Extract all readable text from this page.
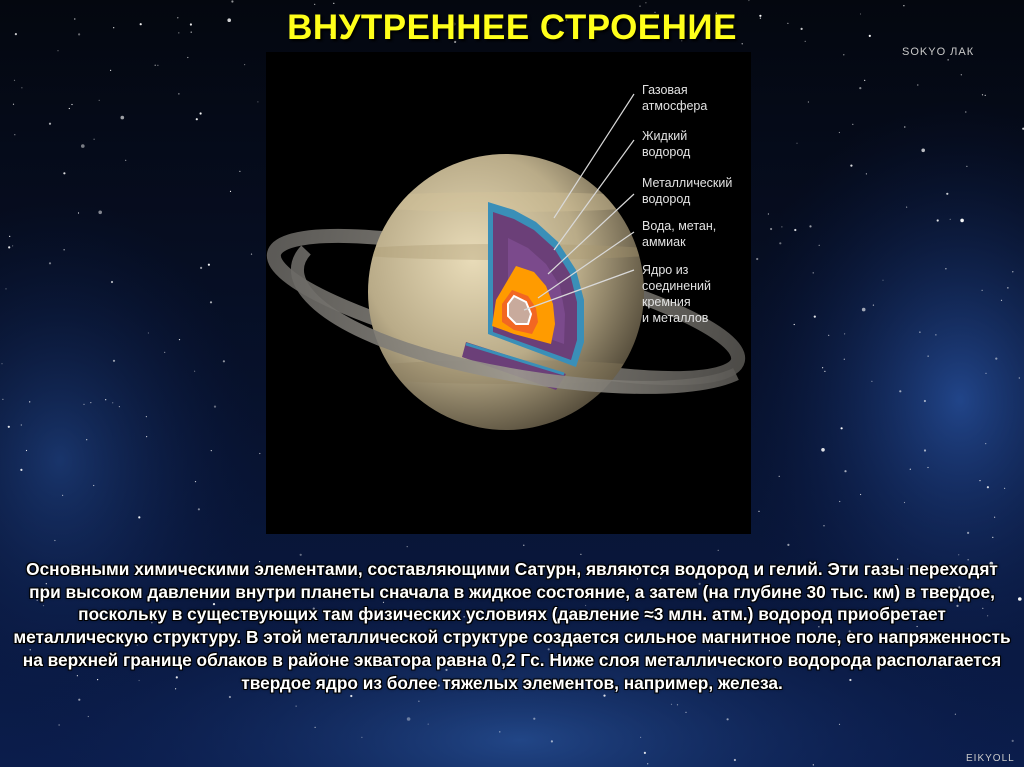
ВНУТРЕННЕЕ СТРОЕНИЕ
SOKYO ЛАК
Газовая
атмосфера
Жидкий
водород
Металлический
водород
Вода, метан,
аммиак
Ядро из
соединений
кремния
и металлов
Основными химическими элементами, составляющими Сатурн, являются водород и гелий. Эти газы переходят при высоком давлении внутри планеты сначала в жидкое состояние, а затем (на глубине 30 тыс. км) в твердое, поскольку в существующих там физических условиях (давление ≈3 млн. атм.) водород приобретает металлическую структуру. В этой металлической структуре создается сильное магнитное поле, его напряженность на верхней границе облаков в районе экватора равна 0,2 Гс. Ниже слоя металлического водорода располагается твердое ядро из более тяжелых элементов, например, железа.
EIKYOLL
